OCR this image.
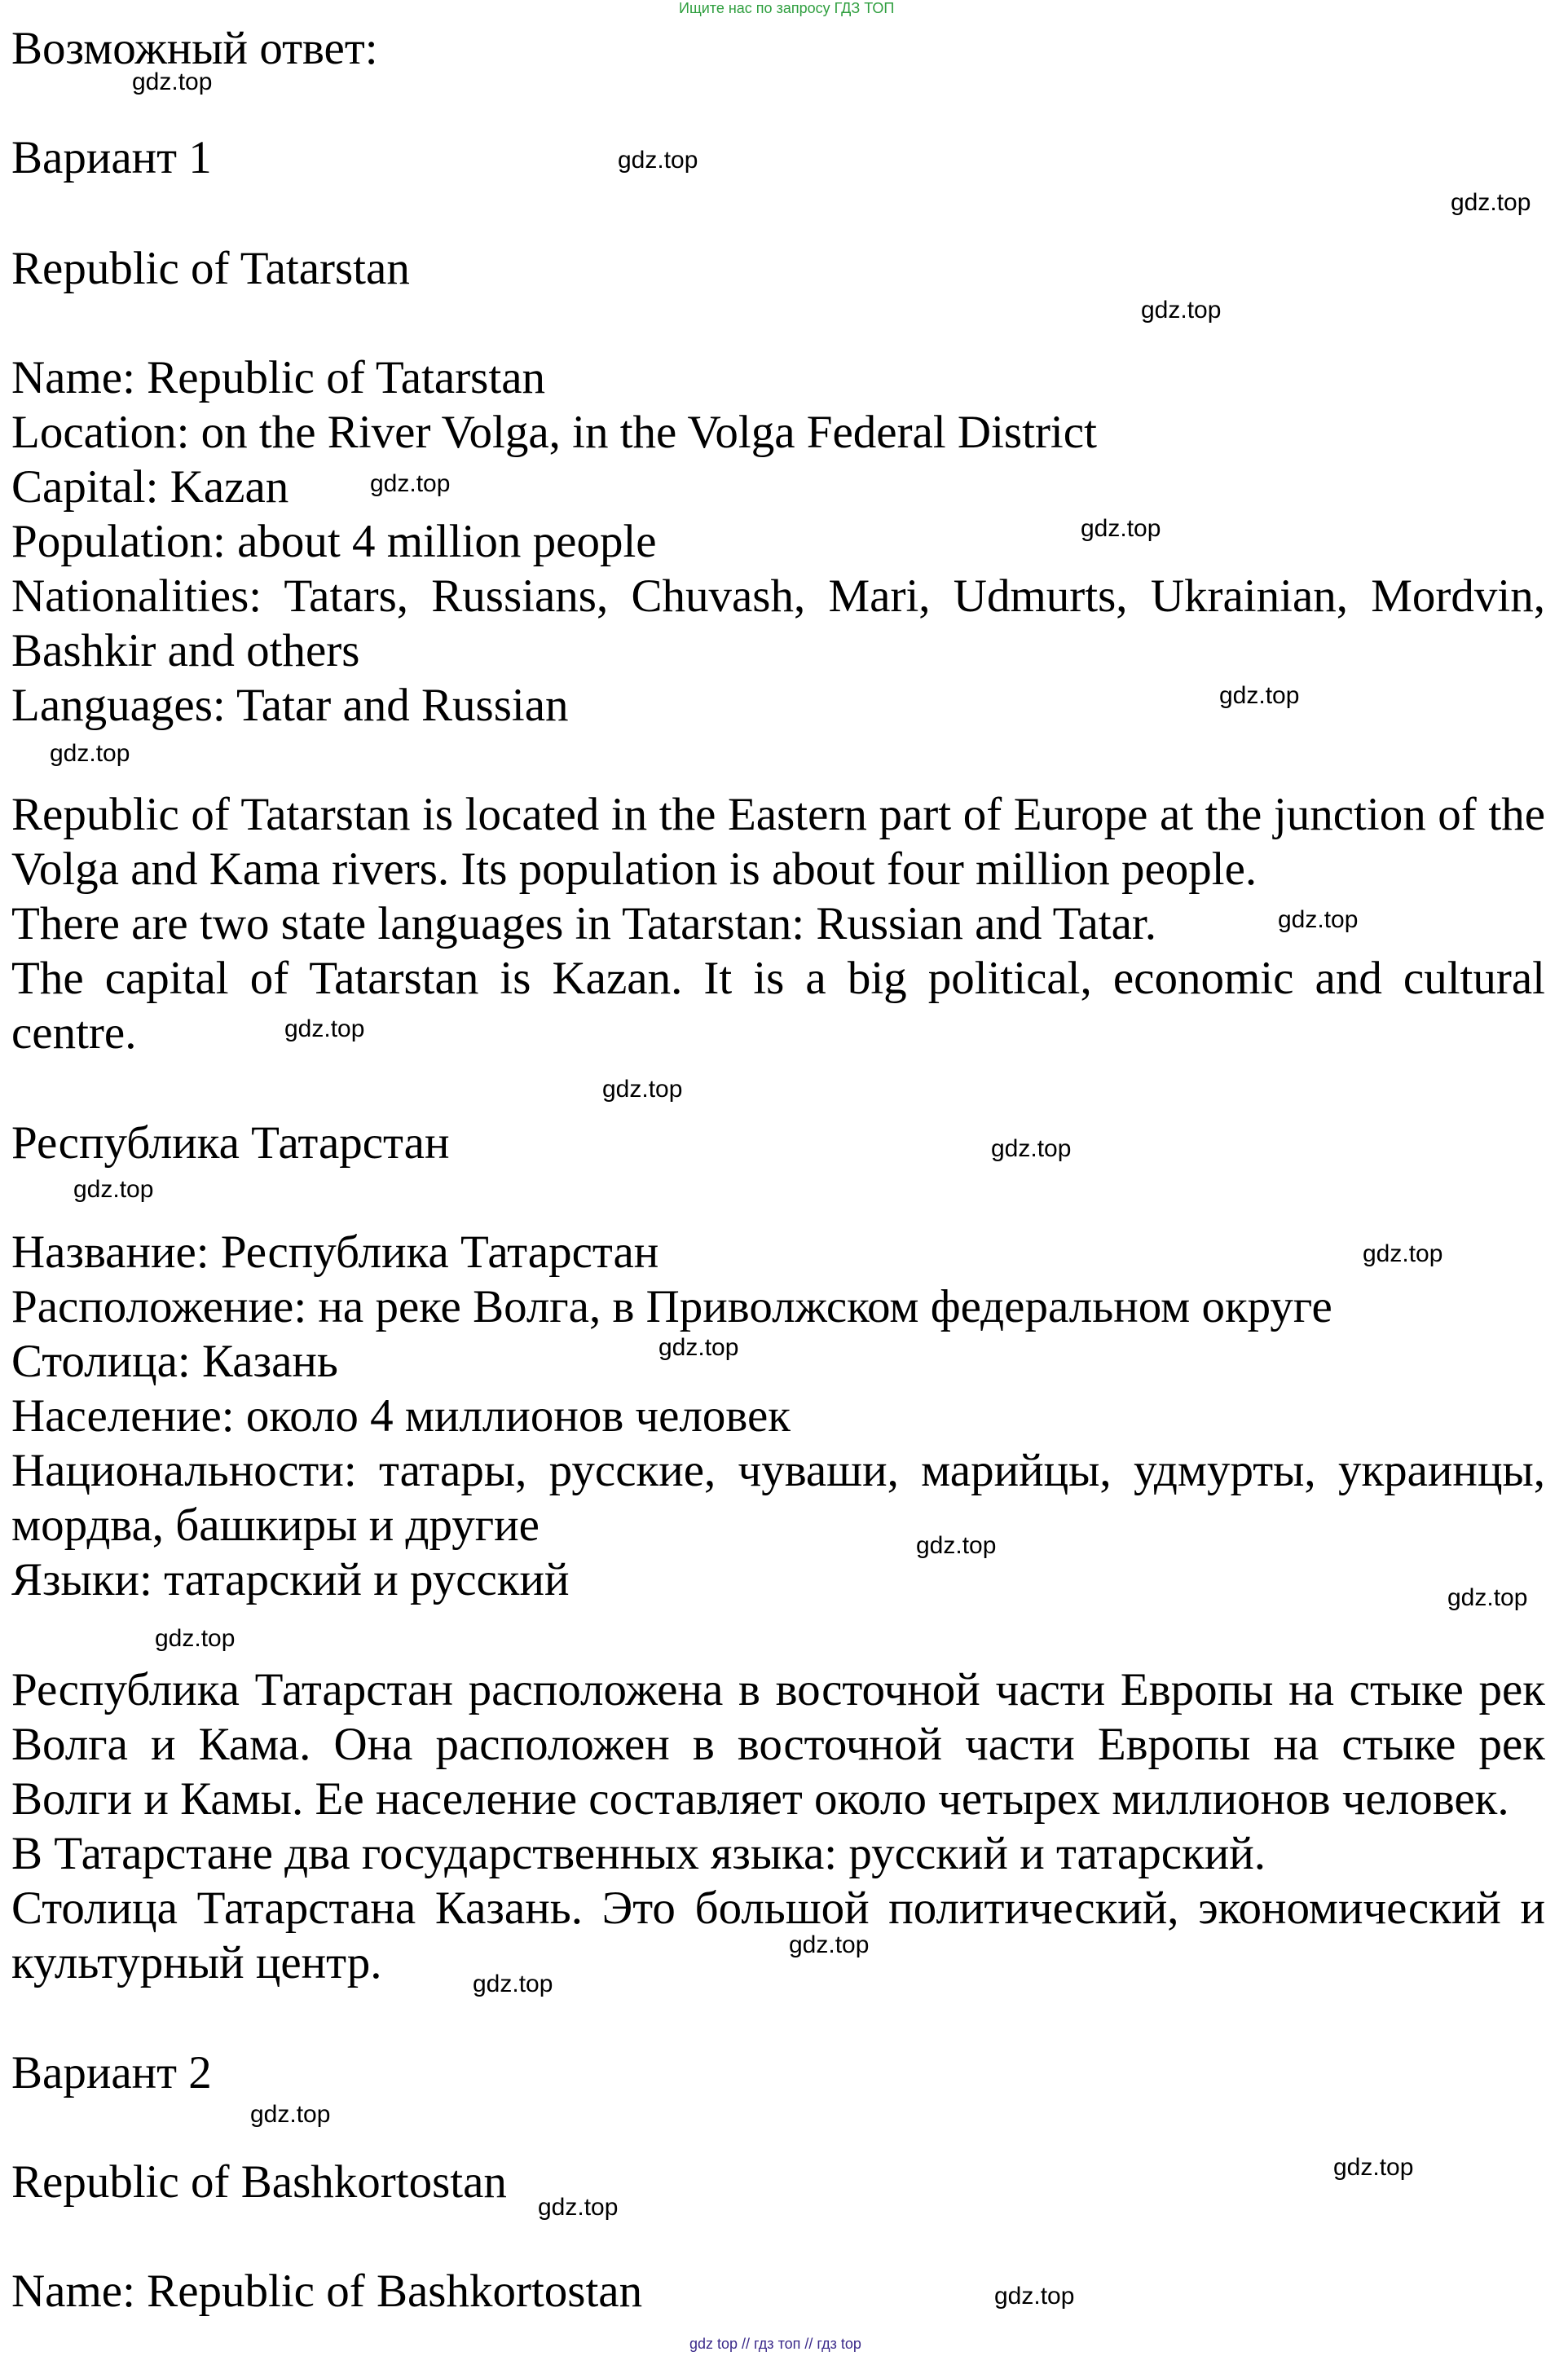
Ищите нас по запросу ГДЗ ТОП

Возможный ответ:

Вариант 1

Republic of Tatarstan

Name: Republic of Tatarstan

Location: on the River Volga, in the Volga Federal District

Capital: Kazan

Population: about 4 million people

Nationalities: Tatars, Russians, Chuvash, Mari, Udmurts, Ukrainian, Mordvin, Bashkir and others

Languages: Tatar and Russian

Republic of Tatarstan is located in the Eastern part of Europe at the junction of the Volga and Kama rivers. Its population is about four million people.

There are two state languages in Tatarstan: Russian and Tatar.

The capital of Tatarstan is Kazan. It is a big political, economic and cultural centre.

Республика Татарстан

Название: Республика Татарстан

Расположение: на реке Волга, в Приволжском федеральном округе

Столица: Казань

Население: около 4 миллионов человек

Национальности: татары, русские, чуваши, марийцы, удмурты, украинцы, мордва, башкиры и другие

Языки: татарский и русский

Республика Татарстан расположена в восточной части Европы на стыке рек Волга и Кама. Она расположен в восточной части Европы на стыке рек Волги и Камы. Ее население составляет около четырех миллионов человек.

В Татарстане два государственных языка: русский и татарский.

Столица Татарстана Казань. Это большой политический, экономический и культурный центр.

Вариант 2

Republic of Bashkortostan

Name: Republic of Bashkortostan

gdz.top
gdz.top
gdz.top
gdz.top
gdz.top
gdz.top
gdz.top
gdz.top
gdz.top
gdz.top
gdz.top
gdz.top
gdz.top
gdz.top
gdz.top
gdz.top
gdz.top
gdz.top
gdz.top
gdz.top
gdz.top
gdz.top
gdz.top
gdz.top
gdz top // гдз топ // гдз top
